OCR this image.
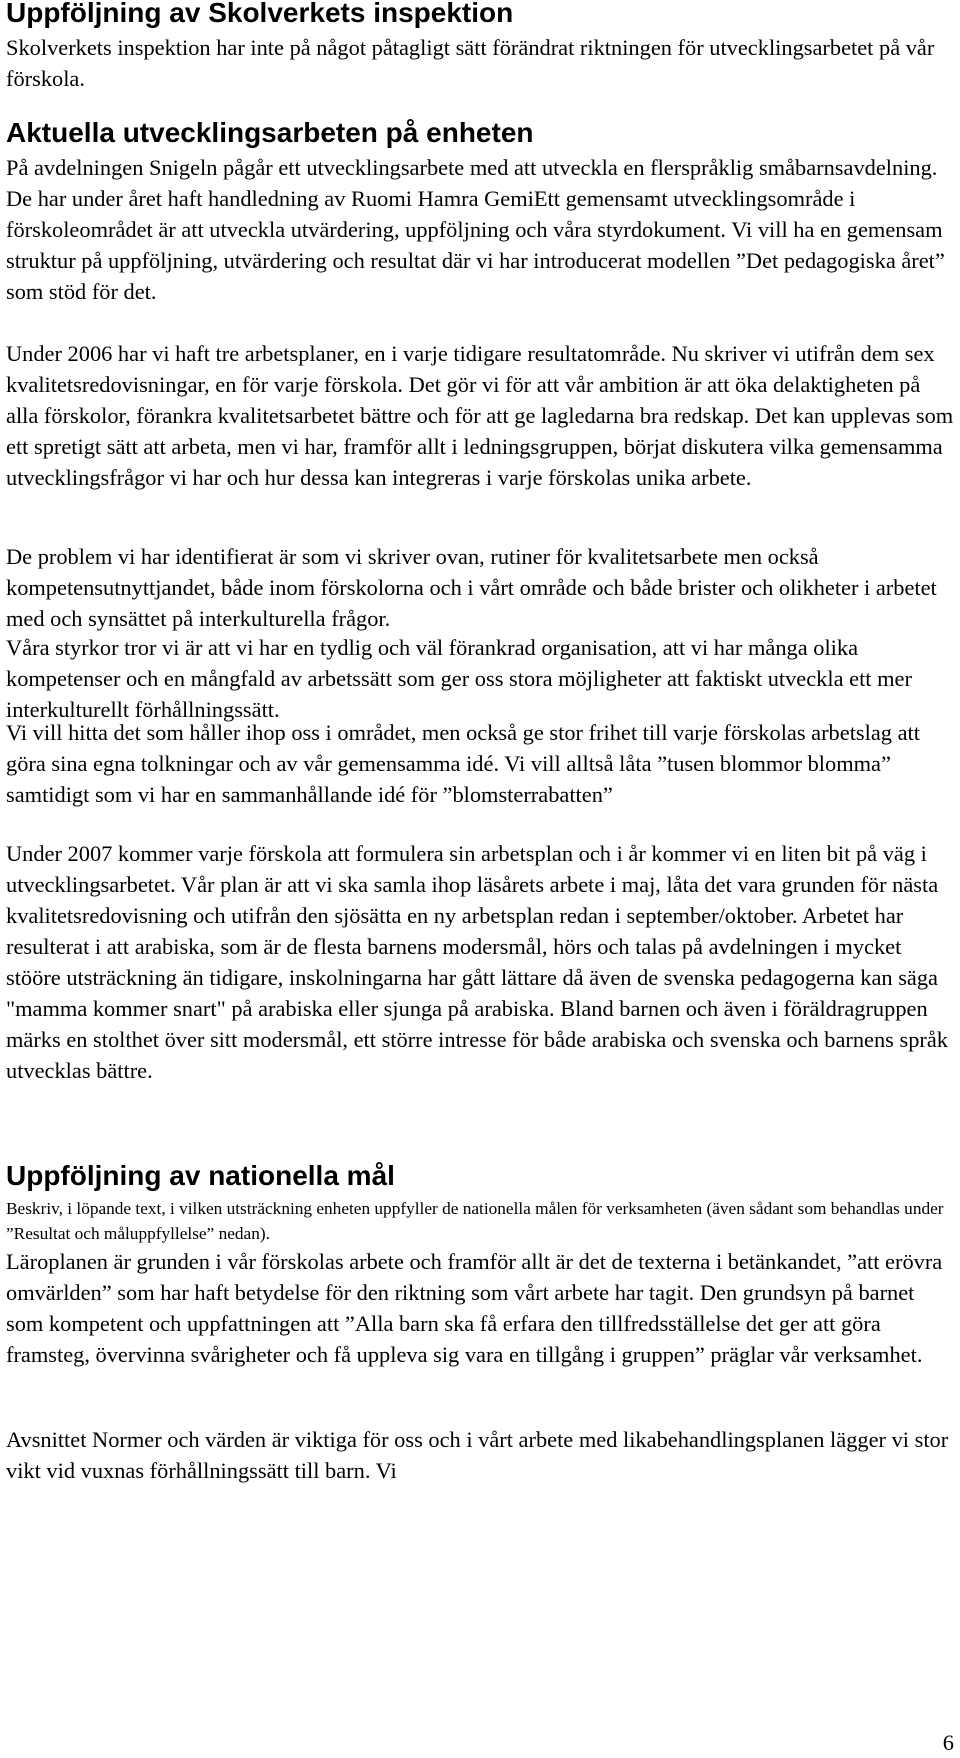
Uppföljning av Skolverkets inspektion

Skolverkets inspektion har inte på något påtagligt sätt förändrat riktningen för utvecklingsarbetet på vår förskola.

Aktuella utvecklingsarbeten på enheten

På avdelningen Snigeln pågår ett utvecklingsarbete med att utveckla en flerspråklig småbarnsavdelning. De har under året haft handledning av Ruomi Hamra GemiEtt gemensamt utvecklingsområde i förskoleområdet är att utveckla utvärdering, uppföljning och våra styrdokument. Vi vill ha en gemensam struktur på uppföljning, utvärdering och resultat där vi har introducerat modellen ”Det pedagogiska året” som stöd för det.

Under 2006 har vi haft tre arbetsplaner, en i varje tidigare resultatområde. Nu skriver vi utifrån dem sex kvalitetsredovisningar, en för varje förskola. Det gör vi för att vår ambition är att öka delaktigheten på alla förskolor, förankra kvalitetsarbetet bättre och för att ge lagledarna bra redskap. Det kan upplevas som ett spretigt sätt att arbeta, men vi har, framför allt i ledningsgruppen, börjat diskutera vilka gemensamma utvecklingsfrågor vi har och hur dessa kan integreras i varje förskolas unika arbete.

De problem vi har identifierat är som vi skriver ovan, rutiner för kvalitetsarbete men också kompetensutnyttjandet, både inom förskolorna och i vårt område och både brister och olikheter i arbetet med och synsättet på interkulturella frågor.

Våra styrkor tror vi är att vi har en tydlig och väl förankrad organisation, att vi har många olika kompetenser och en mångfald av arbetssätt som ger oss stora möjligheter att faktiskt utveckla ett mer interkulturellt förhållningssätt.

Vi vill hitta det som håller ihop oss i området, men också ge stor frihet till varje förskolas arbetslag att göra sina egna tolkningar och av vår gemensamma idé. Vi vill alltså låta ”tusen blommor blomma” samtidigt som vi har en sammanhållande idé för ”blomsterrabatten”

Under 2007 kommer varje förskola att formulera sin arbetsplan och i år kommer vi en liten bit på väg i utvecklingsarbetet. Vår plan är att vi ska samla ihop läsårets arbete i maj, låta det vara grunden för nästa kvalitetsredovisning och utifrån den sjösätta en ny arbetsplan redan i september/oktober. Arbetet har resulterat i att arabiska, som är de flesta barnens modersmål, hörs och talas på avdelningen i mycket stööre utsträckning än tidigare, inskolningarna har gått lättare då även de svenska pedagogerna kan säga "mamma kommer snart" på arabiska eller sjunga på arabiska. Bland barnen och även i föräldragruppen märks en stolthet över sitt modersmål, ett större intresse för både arabiska och svenska och barnens språk utvecklas bättre.

Uppföljning av nationella mål

Beskriv, i löpande text, i vilken utsträckning enheten uppfyller de nationella målen för verksamheten (även sådant som behandlas under ”Resultat och måluppfyllelse” nedan).

Läroplanen är grunden i vår förskolas arbete och framför allt är det de texterna i betänkandet, ”att erövra omvärlden” som har haft betydelse för den riktning som vårt arbete har tagit. Den grundsyn på barnet som kompetent och uppfattningen att ”Alla barn ska få erfara den tillfredsställelse det ger att göra framsteg, övervinna svårigheter och få uppleva sig vara en tillgång i gruppen” präglar vår verksamhet.

Avsnittet Normer och värden är viktiga för oss och i vårt arbete med likabehandlingsplanen lägger vi stor vikt vid vuxnas förhållningssätt till barn. Vi

6
